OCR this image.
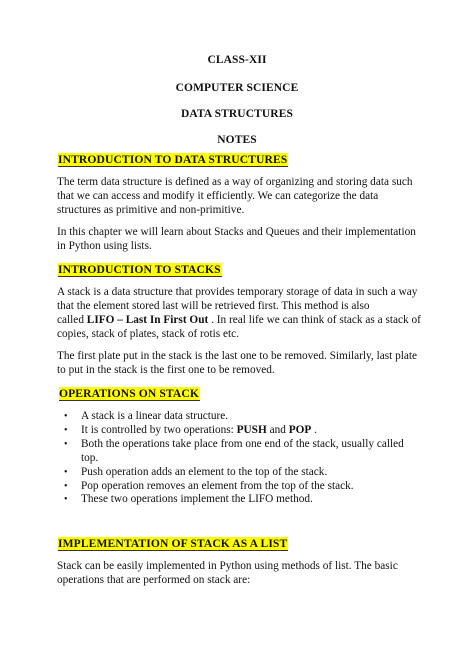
CLASS-XII
COMPUTER SCIENCE
DATA STRUCTURES
NOTES
INTRODUCTION TO DATA STRUCTURES
The term data structure is defined as a way of organizing and storing data such
that we can access and modify it efficiently. We can categorize the data
structures as primitive and non-primitive.
In this chapter we will learn about Stacks and Queues and their implementation
in Python using lists.
INTRODUCTION TO STACKS
A stack is a data structure that provides temporary storage of data in such a way
that the element stored last will be retrieved first. This method is also
called LIFO – Last In First Out . In real life we can think of stack as a stack of
copies, stack of plates, stack of rotis etc.
The first plate put in the stack is the last one to be removed. Similarly, last plate
to put in the stack is the first one to be removed.
OPERATIONS ON STACK
• A stack is a linear data structure.
• It is controlled by two operations: PUSH and POP .
• Both the operations take place from one end of the stack, usually called
top.
• Push operation adds an element to the top of the stack.
• Pop operation removes an element from the top of the stack.
• These two operations implement the LIFO method.
IMPLEMENTATION OF STACK AS A LIST
Stack can be easily implemented in Python using methods of list. The basic
operations that are performed on stack are:
